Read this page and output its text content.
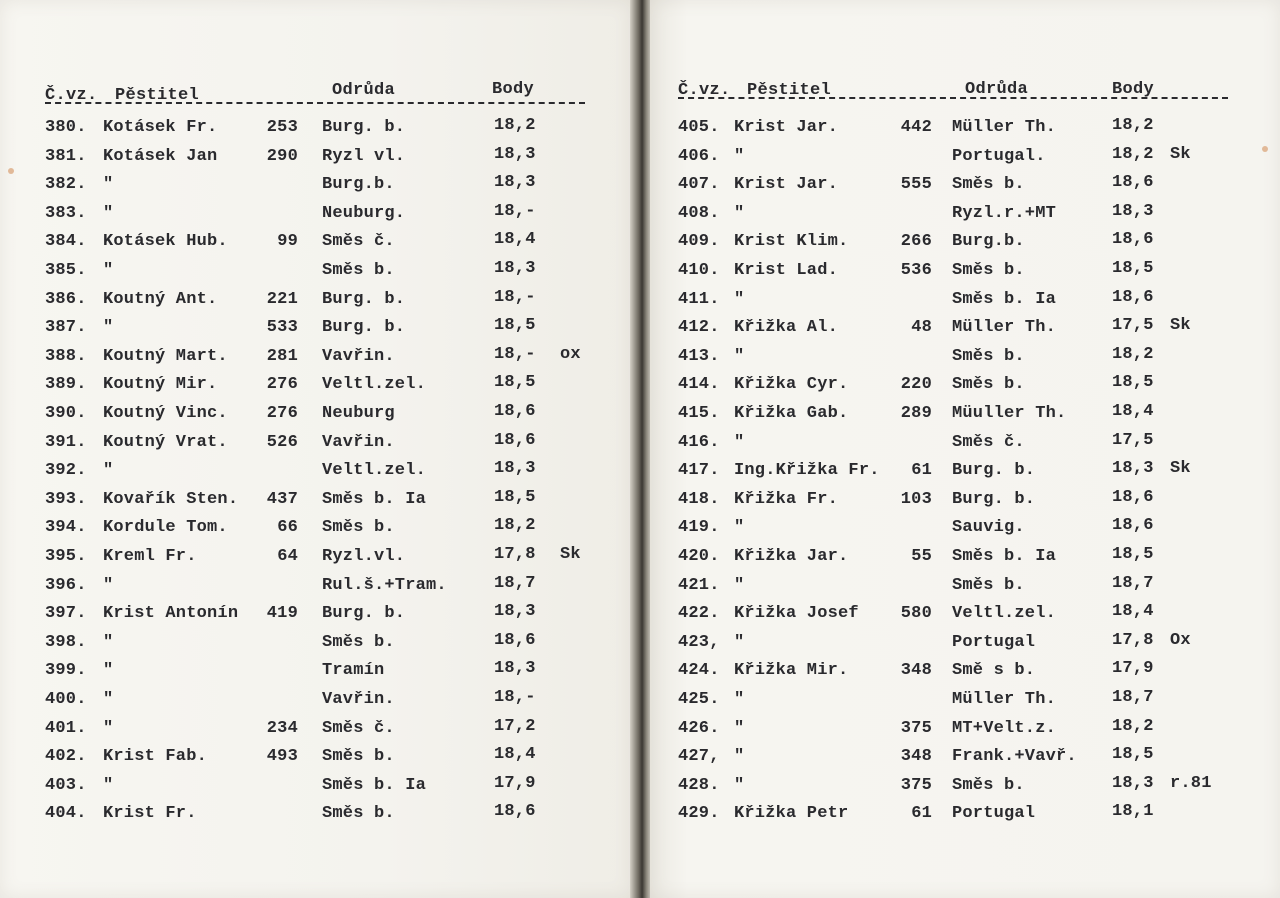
Č.vz. Pěstitel	Odrůda	Body
380. Kotásek Fr.	253 Burg. b.	18,2
381. Kotásek Jan	290 Ryzl vl.	18,3
382. "	Burg.b.	18,3
383. "	Neuburg.	18,-
384. Kotásek Hub.	99 Směs č.	18,4
385. "	Směs b.	18,3
386. Koutný Ant.	221 Burg. b.	18,-
387. "	533 Burg. b.	18,5
388. Koutný Mart.	281 Vavřin.	18,- ox
389. Koutný Mir.	276 Veltl.zel.	18,5
390. Koutný Vinc.	276 Neuburg	18,6
391. Koutný Vrat.	526 Vavřin.	18,6
392. "	Veltl.zel.	18,3
393. Kovařík Sten.	437 Směs b. Ia	18,5
394. Kordule Tom.	66 Směs b.	18,2
395. Kreml Fr.	64 Ryzl.vl.	17,8 Sk
396. "	Rul.š.+Tram.	18,7
397. Krist Antonín	419 Burg. b.	18,3
398. "	Směs b.	18,6
399. "	Tramín	18,3
400. "	Vavřin.	18,-
401. "	234 Směs č.	17,2
402. Krist Fab.	493 Směs b.	18,4
403. "	Směs b. Ia	17,9
404. Krist Fr.	Směs b.	18,6
Č.vz. Pěstitel	Odrůda	Body
405. Krist Jar.	442 Müller Th.	18,2
406. "	Portugal.	18,2 Sk
407. Krist Jar.	555 Směs b.	18,6
408. "	Ryzl.r.+MT	18,3
409. Krist Klim.	266 Burg.b.	18,6
410. Krist Lad.	536 Směs b.	18,5
411. "	Směs b. Ia	18,6
412. Křižka Al.	48 Müller Th.	17,5 Sk
413. "	Směs b.	18,2
414. Křižka Cyr.	220 Směs b.	18,5
415. Křižka Gab.	289 Müuller Th.	18,4
416. "	Směs č.	17,5
417. Ing.Křižka Fr.	61 Burg. b.	18,3 Sk
418. Křižka Fr.	103 Burg. b.	18,6
419. "	Sauvig.	18,6
420. Křižka Jar.	55 Směs b. Ia	18,5
421. "	Směs b.	18,7
422. Křižka Josef	580 Veltl.zel.	18,4
423, "	Portugal	17,8 Ox
424. Křižka Mir.	348 Smě s b.	17,9
425. "	Müller Th.	18,7
426. "	375 MT+Velt.z.	18,2
427, "	348 Frank.+Vavř. 18,5
428. "	375 Směs b.	18,3 r.81
429. Křižka Petr	61 Portugal	18,1
